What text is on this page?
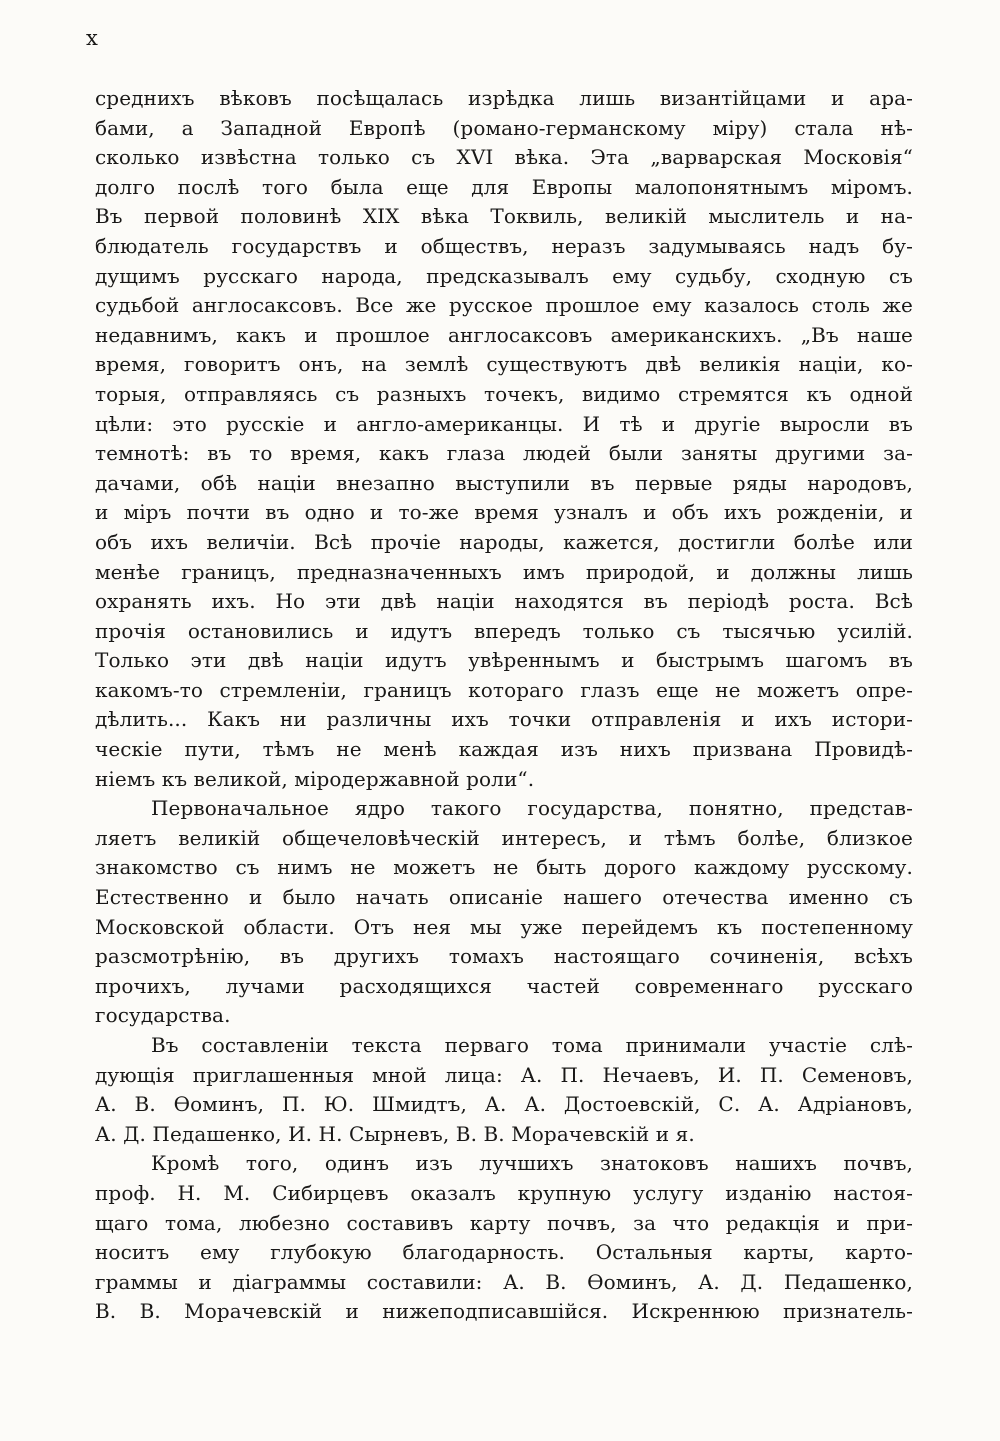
x
среднихъ вѣковъ посѣщалась изрѣдка лишь византійцами и ара-
бами, а Западной Европѣ (романо-германскому міру) стала нѣ-
сколько извѣстна только съ XVI вѣка. Эта „варварская Московія“
долго послѣ того была еще для Европы малопонятнымъ міромъ.
Въ первой половинѣ XIX вѣка Токвиль, великій мыслитель и на-
блюдатель государствъ и обществъ, неразъ задумываясь надъ бу-
дущимъ русскаго народа, предсказывалъ ему судьбу, сходную съ
судьбой англосаксовъ. Все же русское прошлое ему казалось столь же
недавнимъ, какъ и прошлое англосаксовъ американскихъ. „Въ наше
время, говоритъ онъ, на землѣ существуютъ двѣ великія націи, ко-
торыя, отправляясь съ разныхъ точекъ, видимо стремятся къ одной
цѣли: это русскіе и англо-американцы. И тѣ и другіе выросли въ
темнотѣ: въ то время, какъ глаза людей были заняты другими за-
дачами, обѣ націи внезапно выступили въ первые ряды народовъ,
и міръ почти въ одно и то-же время узналъ и объ ихъ рожденіи, и
объ ихъ величіи. Всѣ прочіе народы, кажется, достигли болѣе или
менѣе границъ, предназначенныхъ имъ природой, и должны лишь
охранять ихъ. Но эти двѣ націи находятся въ періодѣ роста. Всѣ
прочія остановились и идутъ впередъ только съ тысячью усилій.
Только эти двѣ націи идутъ увѣреннымъ и быстрымъ шагомъ въ
какомъ-то стремленіи, границъ котораго глазъ еще не можетъ опре-
дѣлить... Какъ ни различны ихъ точки отправленія и ихъ истори-
ческіе пути, тѣмъ не менѣ каждая изъ нихъ призвана Провидѣ-
ніемъ къ великой, міродержавной роли“.
Первоначальное ядро такого государства, понятно, представ-
ляетъ великій общечеловѣческій интересъ, и тѣмъ болѣе, близкое
знакомство съ нимъ не можетъ не быть дорого каждому русскому.
Естественно и было начать описаніе нашего отечества именно съ
Московской области. Отъ нея мы уже перейдемъ къ постепенному
разсмотрѣнію, въ другихъ томахъ настоящаго сочиненія, всѣхъ
прочихъ, лучами расходящихся частей современнаго русскаго
государства.
Въ составленіи текста перваго тома принимали участіе слѣ-
дующія приглашенныя мной лица: А. П. Нечаевъ, И. П. Семеновъ,
А. В. Ѳоминъ, П. Ю. Шмидтъ, А. А. Достоевскій, С. А. Адріановъ,
А. Д. Педашенко, И. Н. Сырневъ, В. В. Морачевскій и я.
Кромѣ того, одинъ изъ лучшихъ знатоковъ нашихъ почвъ,
проф. Н. М. Сибирцевъ оказалъ крупную услугу изданію настоя-
щаго тома, любезно составивъ карту почвъ, за что редакція и при-
носитъ ему глубокую благодарность. Остальныя карты, карто-
граммы и діаграммы составили: А. В. Ѳоминъ, А. Д. Педашенко,
В. В. Морачевскій и нижеподписавшійся. Искреннюю признатель-
